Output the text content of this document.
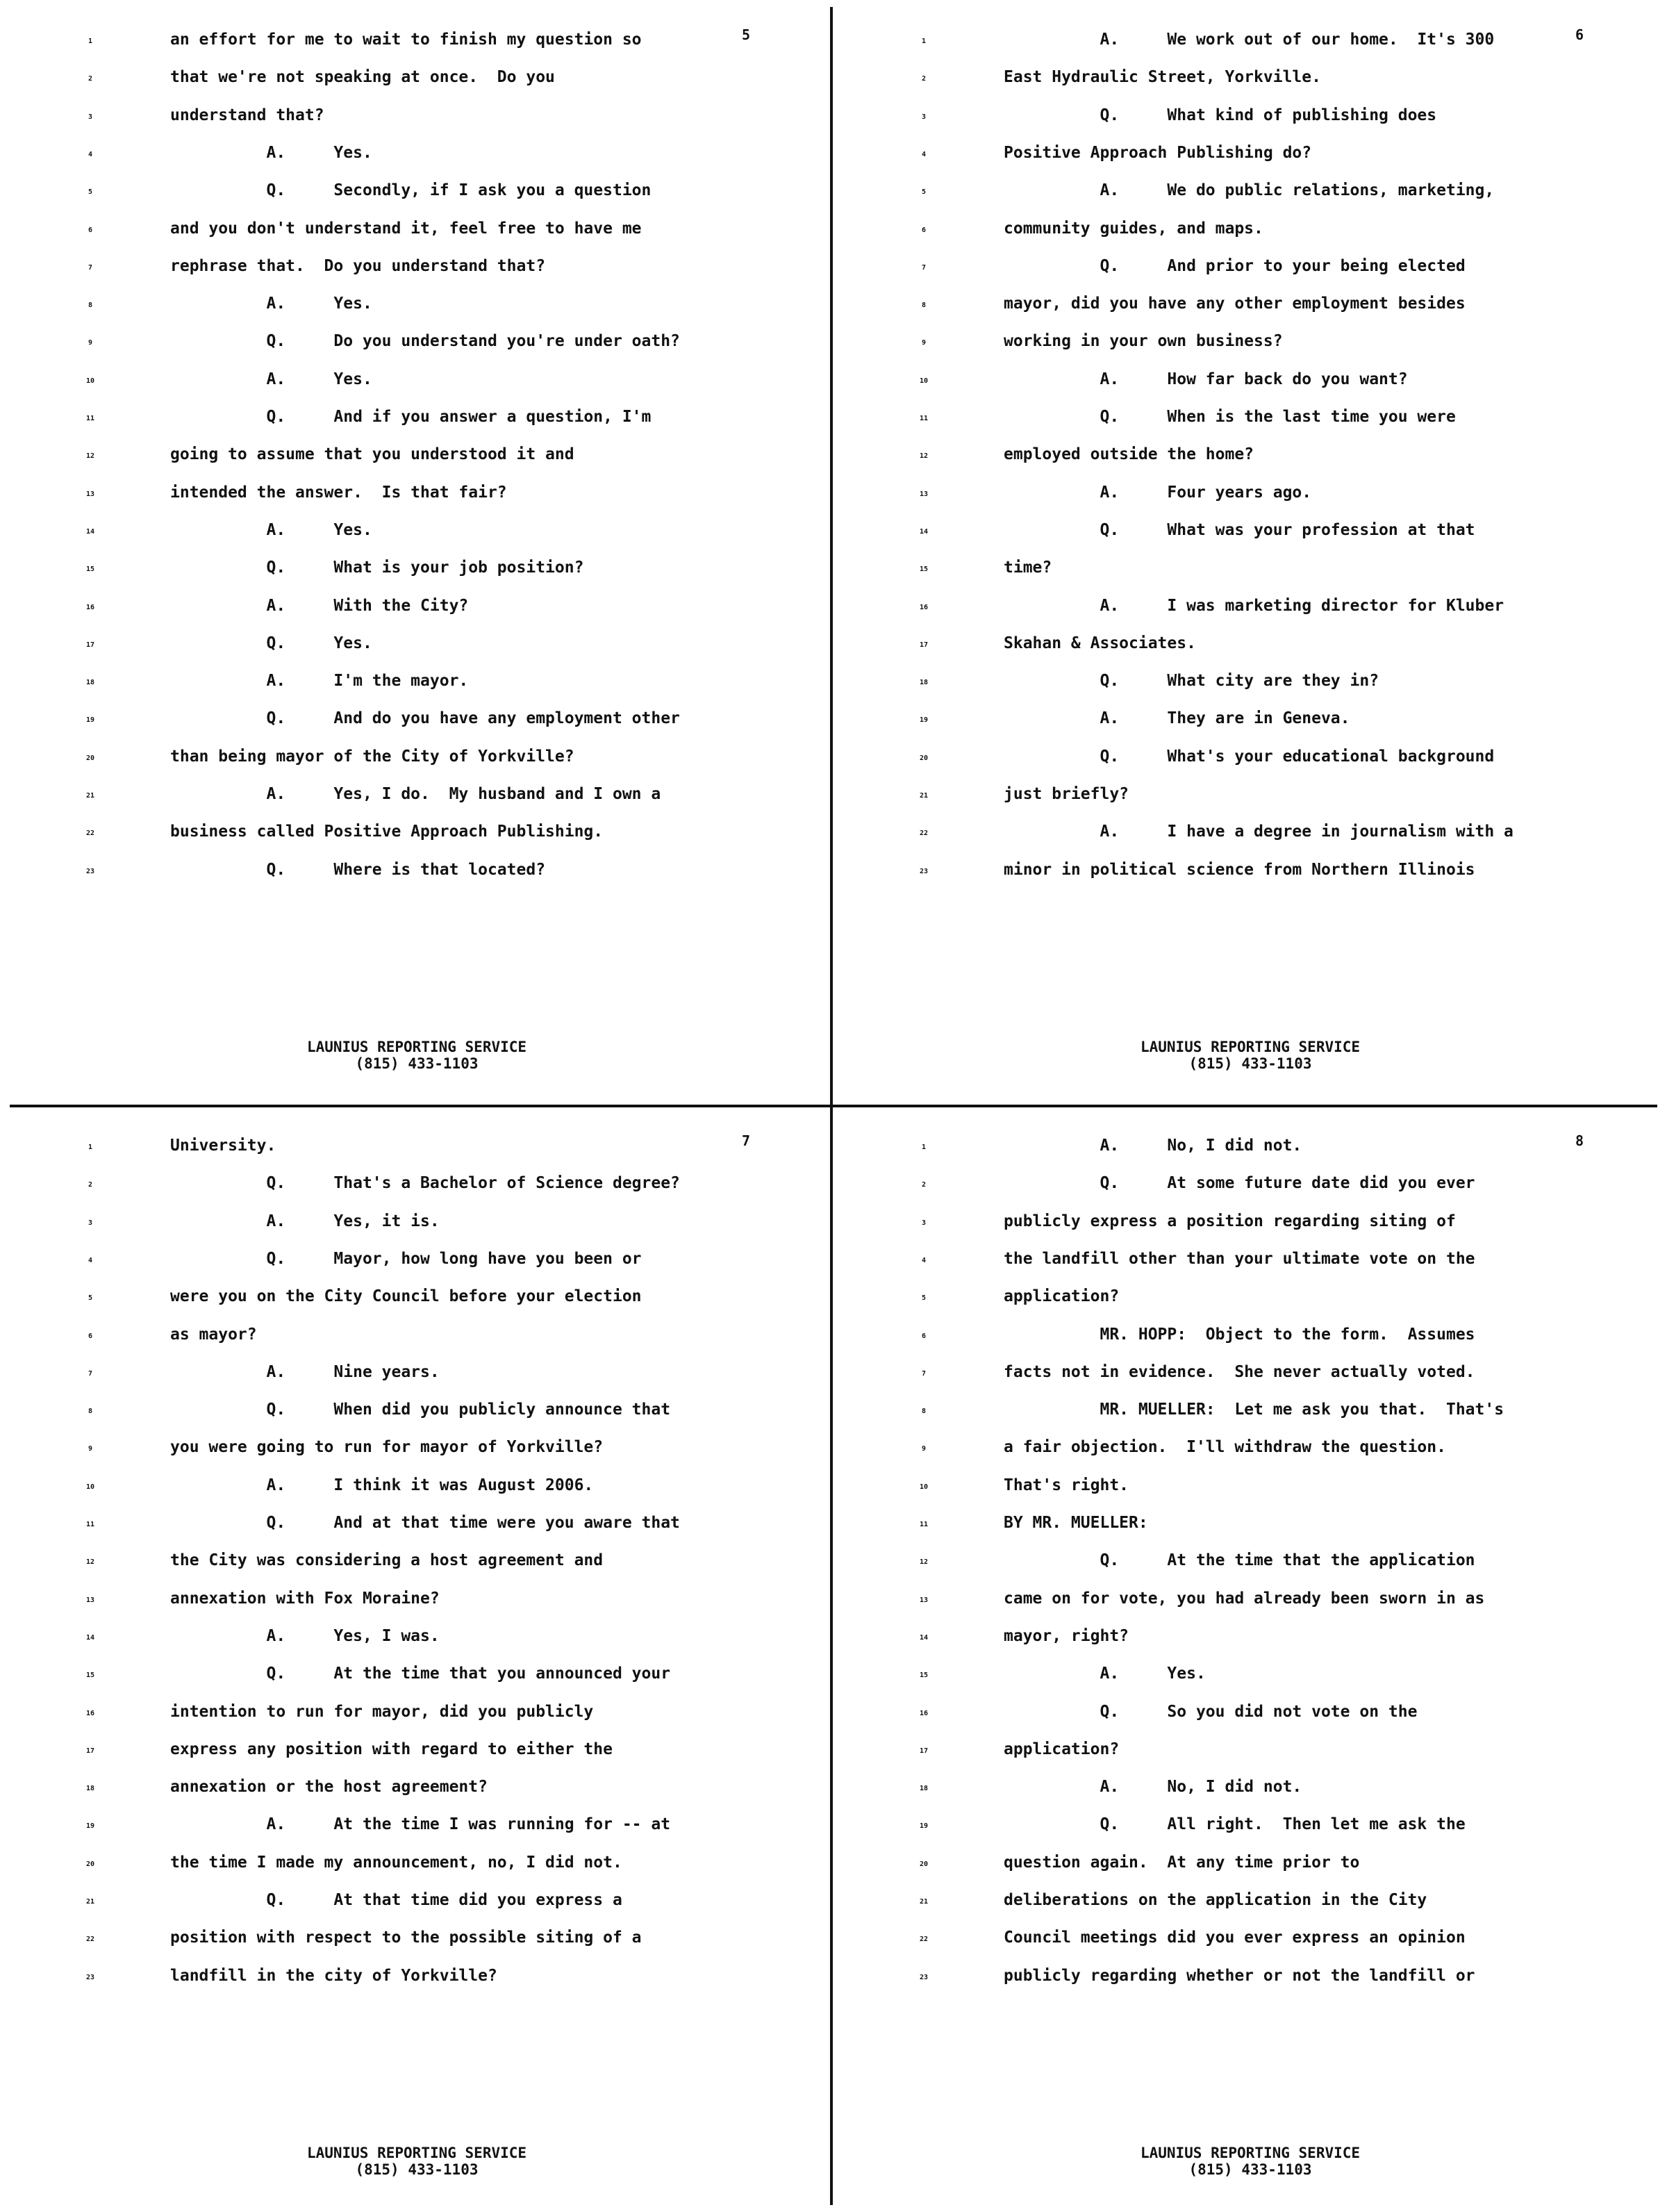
5
1	an effort for me to wait to finish my question so
2	that we're not speaking at once.  Do you
3	understand that?
4	A.     Yes.
5	Q.     Secondly, if I ask you a question
6	and you don't understand it, feel free to have me
7	rephrase that.  Do you understand that?
8	A.     Yes.
9	Q.     Do you understand you're under oath?
10	A.     Yes.
11	Q.     And if you answer a question, I'm
12	going to assume that you understood it and
13	intended the answer.  Is that fair?
14	A.     Yes.
15	Q.     What is your job position?
16	A.     With the City?
17	Q.     Yes.
18	A.     I'm the mayor.
19	Q.     And do you have any employment other
20	than being mayor of the City of Yorkville?
21	A.     Yes, I do.  My husband and I own a
22	business called Positive Approach Publishing.
23	Q.     Where is that located?
LAUNIUS REPORTING SERVICE
(815) 433-1103
6
1	A.     We work out of our home.  It's 300
2	East Hydraulic Street, Yorkville.
3	Q.     What kind of publishing does
4	Positive Approach Publishing do?
5	A.     We do public relations, marketing,
6	community guides, and maps.
7	Q.     And prior to your being elected
8	mayor, did you have any other employment besides
9	working in your own business?
10	A.     How far back do you want?
11	Q.     When is the last time you were
12	employed outside the home?
13	A.     Four years ago.
14	Q.     What was your profession at that
15	time?
16	A.     I was marketing director for Kluber
17	Skahan & Associates.
18	Q.     What city are they in?
19	A.     They are in Geneva.
20	Q.     What's your educational background
21	just briefly?
22	A.     I have a degree in journalism with a
23	minor in political science from Northern Illinois
LAUNIUS REPORTING SERVICE
(815) 433-1103
7
1	University.
2	Q.     That's a Bachelor of Science degree?
3	A.     Yes, it is.
4	Q.     Mayor, how long have you been or
5	were you on the City Council before your election
6	as mayor?
7	A.     Nine years.
8	Q.     When did you publicly announce that
9	you were going to run for mayor of Yorkville?
10	A.     I think it was August 2006.
11	Q.     And at that time were you aware that
12	the City was considering a host agreement and
13	annexation with Fox Moraine?
14	A.     Yes, I was.
15	Q.     At the time that you announced your
16	intention to run for mayor, did you publicly
17	express any position with regard to either the
18	annexation or the host agreement?
19	A.     At the time I was running for -- at
20	the time I made my announcement, no, I did not.
21	Q.     At that time did you express a
22	position with respect to the possible siting of a
23	landfill in the city of Yorkville?
LAUNIUS REPORTING SERVICE
(815) 433-1103
8
1	A.     No, I did not.
2	Q.     At some future date did you ever
3	publicly express a position regarding siting of
4	the landfill other than your ultimate vote on the
5	application?
6	MR. HOPP:  Object to the form.  Assumes
7	facts not in evidence.  She never actually voted.
8	MR. MUELLER:  Let me ask you that.  That's
9	a fair objection.  I'll withdraw the question.
10	That's right.
11	BY MR. MUELLER:
12	Q.     At the time that the application
13	came on for vote, you had already been sworn in as
14	mayor, right?
15	A.     Yes.
16	Q.     So you did not vote on the
17	application?
18	A.     No, I did not.
19	Q.     All right.  Then let me ask the
20	question again.  At any time prior to
21	deliberations on the application in the City
22	Council meetings did you ever express an opinion
23	publicly regarding whether or not the landfill or
LAUNIUS REPORTING SERVICE
(815) 433-1103
